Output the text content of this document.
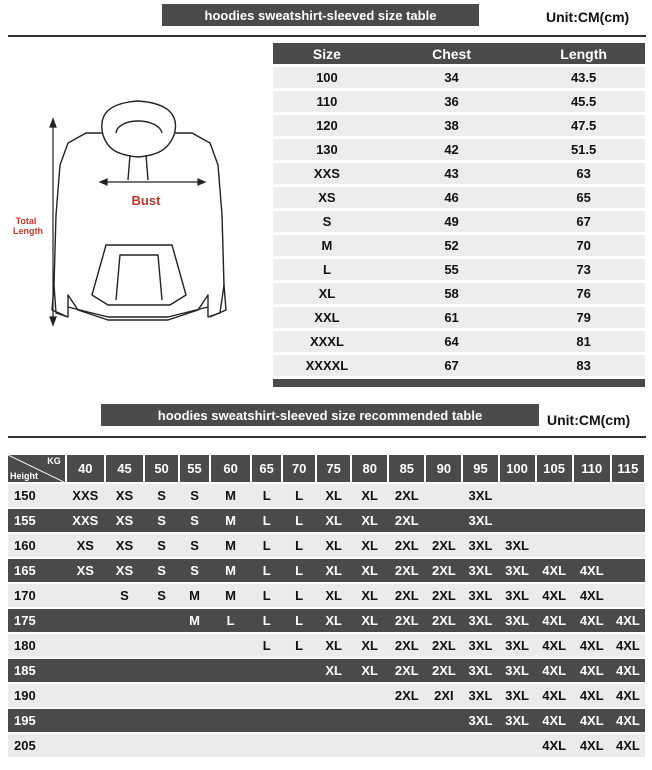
hoodies sweatshirt-sleeved size table	Unit:CM(cm)
Bust
Total
Length
Size	Chest	Length
100	34	43.5
110	36	45.5
120	38	47.5
130	42	51.5
XXS	43	63
XS	46	65
S	49	67
M	52	70
L	55	73
XL	58	76
XXL	61	79
XXXL	64	81
XXXXL	67	83

hoodies sweatshirt-sleeved size recommended table	Unit:CM(cm)
KG
Height	40	45	50	55	60	65	70	75	80	85	90	95	100	105	110	115
150	XXS	XS	S	S	M	L	L	XL	XL	2XL		3XL				
155	XXS	XS	S	S	M	L	L	XL	XL	2XL		3XL				
160	XS	XS	S	S	M	L	L	XL	XL	2XL	2XL	3XL	3XL			
165	XS	XS	S	S	M	L	L	XL	XL	2XL	2XL	3XL	3XL	4XL	4XL	
170		S	S	M	M	L	L	XL	XL	2XL	2XL	3XL	3XL	4XL	4XL	
175				M	L	L	L	XL	XL	2XL	2XL	3XL	3XL	4XL	4XL	4XL
180						L	L	XL	XL	2XL	2XL	3XL	3XL	4XL	4XL	4XL
185								XL	XL	2XL	2XL	3XL	3XL	4XL	4XL	4XL
190										2XL	2XI	3XL	3XL	4XL	4XL	4XL
195												3XL	3XL	4XL	4XL	4XL
205														4XL	4XL	4XL
